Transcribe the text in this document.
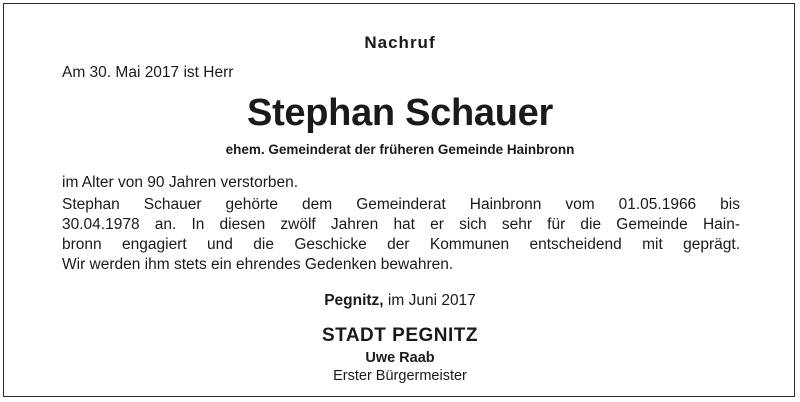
Nachruf
Am 30. Mai 2017 ist Herr
Stephan Schauer
ehem. Gemeinderat der früheren Gemeinde Hainbronn
im Alter von 90 Jahren verstorben.
Stephan Schauer gehörte dem Gemeinderat Hainbronn vom 01.05.1966 bis
30.04.1978 an. In diesen zwölf Jahren hat er sich sehr für die Gemeinde Hain-
bronn engagiert und die Geschicke der Kommunen entscheidend mit geprägt.
Wir werden ihm stets ein ehrendes Gedenken bewahren.
Pegnitz, im Juni 2017
STADT PEGNITZ
Uwe Raab
Erster Bürgermeister
